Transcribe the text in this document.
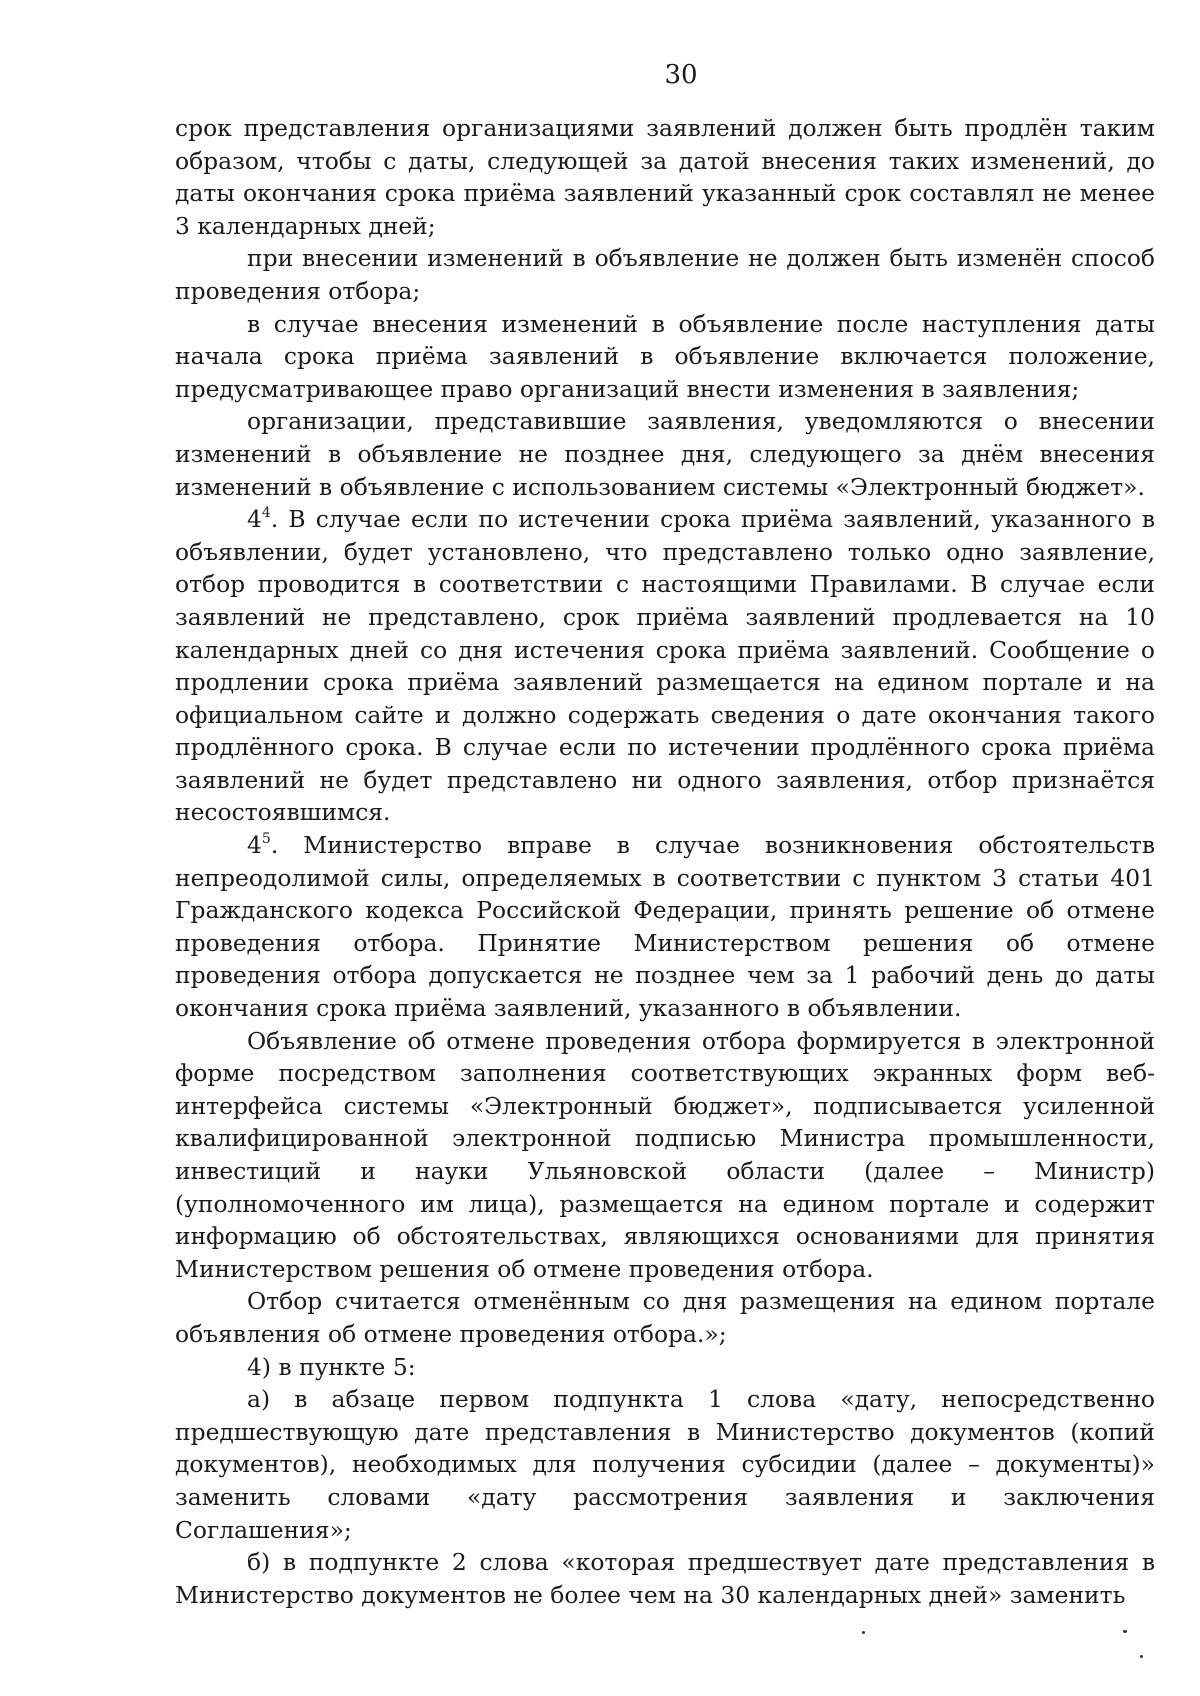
30

срок представления организациями заявлений должен быть продлён таким образом, чтобы с даты, следующей за датой внесения таких изменений, до даты окончания срока приёма заявлений указанный срок составлял не менее 3 календарных дней;

при внесении изменений в объявление не должен быть изменён способ проведения отбора;

в случае внесения изменений в объявление после наступления даты начала срока приёма заявлений в объявление включается положение, предусматривающее право организаций внести изменения в заявления;

организации, представившие заявления, уведомляются о внесении изменений в объявление не позднее дня, следующего за днём внесения изменений в объявление с использованием системы «Электронный бюджет».

$4^4$. В случае если по истечении срока приёма заявлений, указанного в объявлении, будет установлено, что представлено только одно заявление, отбор проводится в соответствии с настоящими Правилами. В случае если заявлений не представлено, срок приёма заявлений продлевается на 10 календарных дней со дня истечения срока приёма заявлений. Сообщение о продлении срока приёма заявлений размещается на едином портале и на официальном сайте и должно содержать сведения о дате окончания такого продлённого срока. В случае если по истечении продлённого срока приёма заявлений не будет представлено ни одного заявления, отбор признаётся несостоявшимся.

$4^5$. Министерство вправе в случае возникновения обстоятельств непреодолимой силы, определяемых в соответствии с пунктом 3 статьи 401 Гражданского кодекса Российской Федерации, принять решение об отмене проведения отбора. Принятие Министерством решения об отмене проведения отбора допускается не позднее чем за 1 рабочий день до даты окончания срока приёма заявлений, указанного в объявлении.

Объявление об отмене проведения отбора формируется в электронной форме посредством заполнения соответствующих экранных форм веб-интерфейса системы «Электронный бюджет», подписывается усиленной квалифицированной электронной подписью Министра промышленности, инвестиций и науки Ульяновской области (далее – Министр) (уполномоченного им лица), размещается на едином портале и содержит информацию об обстоятельствах, являющихся основаниями для принятия Министерством решения об отмене проведения отбора.

Отбор считается отменённым со дня размещения на едином портале объявления об отмене проведения отбора.»;

4) в пункте 5:

а) в абзаце первом подпункта 1 слова «дату, непосредственно предшествующую дате представления в Министерство документов (копий документов), необходимых для получения субсидии (далее – документы)» заменить словами «дату рассмотрения заявления и заключения Соглашения»;

б) в подпункте 2 слова «которая предшествует дате представления в Министерство документов не более чем на 30 календарных дней» заменить
